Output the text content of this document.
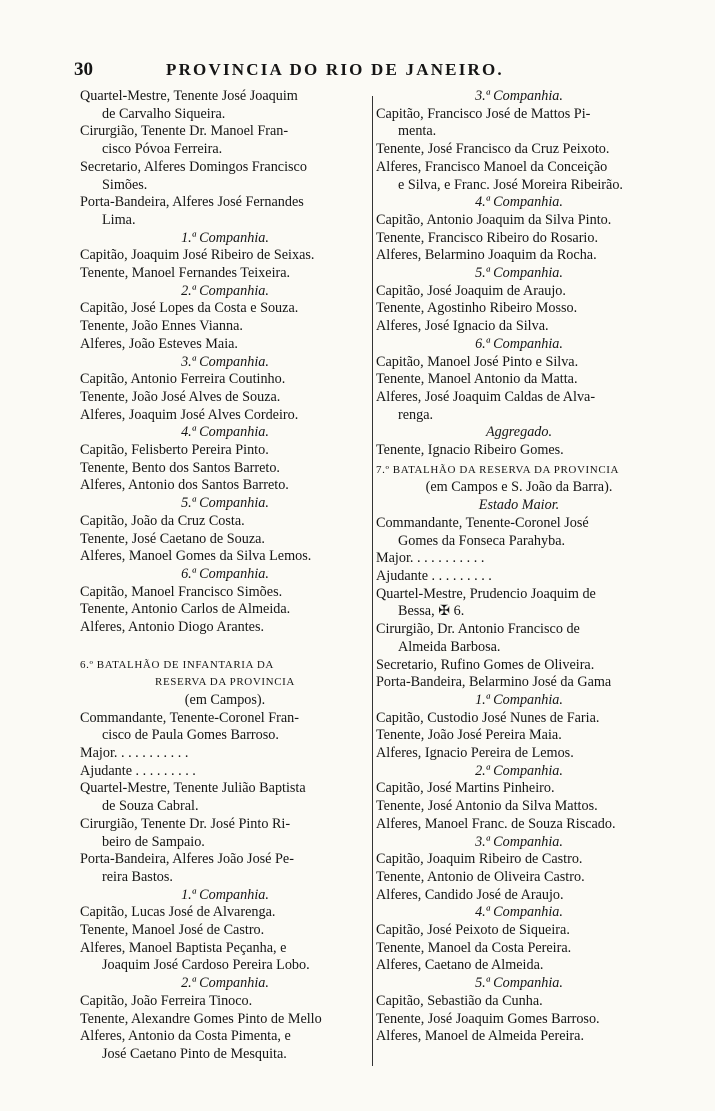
30	PROVINCIA DO RIO DE JANEIRO.
Quartel-Mestre, Tenente José Joaquim
de Carvalho Siqueira.
Cirurgião, Tenente Dr. Manoel Fran-
cisco Póvoa Ferreira.
Secretario, Alferes Domingos Francisco
Simões.
Porta-Bandeira, Alferes José Fernandes
Lima.
1.ª Companhia.
Capitão, Joaquim José Ribeiro de Seixas.
Tenente, Manoel Fernandes Teixeira.
2.ª Companhia.
Capitão, José Lopes da Costa e Souza.
Tenente, João Ennes Vianna.
Alferes, João Esteves Maia.
3.ª Companhia.
Capitão, Antonio Ferreira Coutinho.
Tenente, João José Alves de Souza.
Alferes, Joaquim José Alves Cordeiro.
4.ª Companhia.
Capitão, Felisberto Pereira Pinto.
Tenente, Bento dos Santos Barreto.
Alferes, Antonio dos Santos Barreto.
5.ª Companhia.
Capitão, João da Cruz Costa.
Tenente, José Caetano de Souza.
Alferes, Manoel Gomes da Silva Lemos.
6.ª Companhia.
Capitão, Manoel Francisco Simões.
Tenente, Antonio Carlos de Almeida.
Alferes, Antonio Diogo Arantes.

6.º BATALHÃO DE INFANTARIA DA
RESERVA DA PROVINCIA
(em Campos).
Commandante, Tenente-Coronel Fran-
cisco de Paula Gomes Barroso.
Major. . . . . . . . . . .
Ajudante . . . . . . . . .
Quartel-Mestre, Tenente Julião Baptista
de Souza Cabral.
Cirurgião, Tenente Dr. José Pinto Ri-
beiro de Sampaio.
Porta-Bandeira, Alferes João José Pe-
reira Bastos.
1.ª Companhia.
Capitão, Lucas José de Alvarenga.
Tenente, Manoel José de Castro.
Alferes, Manoel Baptista Peçanha, e
Joaquim José Cardoso Pereira Lobo.
2.ª Companhia.
Capitão, João Ferreira Tinoco.
Tenente, Alexandre Gomes Pinto de Mello
Alferes, Antonio da Costa Pimenta, e
José Caetano Pinto de Mesquita.
3.ª Companhia.
Capitão, Francisco José de Mattos Pi-
menta.
Tenente, José Francisco da Cruz Peixoto.
Alferes, Francisco Manoel da Conceição
e Silva, e Franc. José Moreira Ribeirão.
4.ª Companhia.
Capitão, Antonio Joaquim da Silva Pinto.
Tenente, Francisco Ribeiro do Rosario.
Alferes, Belarmino Joaquim da Rocha.
5.ª Companhia.
Capitão, José Joaquim de Araujo.
Tenente, Agostinho Ribeiro Mosso.
Alferes, José Ignacio da Silva.
6.ª Companhia.
Capitão, Manoel José Pinto e Silva.
Tenente, Manoel Antonio da Matta.
Alferes, José Joaquim Caldas de Alva-
renga.
Aggregado.
Tenente, Ignacio Ribeiro Gomes.
7.º BATALHÃO DA RESERVA DA PROVINCIA
(em Campos e S. João da Barra).
Estado Maior.
Commandante, Tenente-Coronel José
Gomes da Fonseca Parahyba.
Major. . . . . . . . . . .
Ajudante . . . . . . . . .
Quartel-Mestre, Prudencio Joaquim de
Bessa, ✠ 6.
Cirurgião, Dr. Antonio Francisco de
Almeida Barbosa.
Secretario, Rufino Gomes de Oliveira.
Porta-Bandeira, Belarmino José da Gama
1.ª Companhia.
Capitão, Custodio José Nunes de Faria.
Tenente, João José Pereira Maia.
Alferes, Ignacio Pereira de Lemos.
2.ª Companhia.
Capitão, José Martins Pinheiro.
Tenente, José Antonio da Silva Mattos.
Alferes, Manoel Franc. de Souza Riscado.
3.ª Companhia.
Capitão, Joaquim Ribeiro de Castro.
Tenente, Antonio de Oliveira Castro.
Alferes, Candido José de Araujo.
4.ª Companhia.
Capitão, José Peixoto de Siqueira.
Tenente, Manoel da Costa Pereira.
Alferes, Caetano de Almeida.
5.ª Companhia.
Capitão, Sebastião da Cunha.
Tenente, José Joaquim Gomes Barroso.
Alferes, Manoel de Almeida Pereira.
